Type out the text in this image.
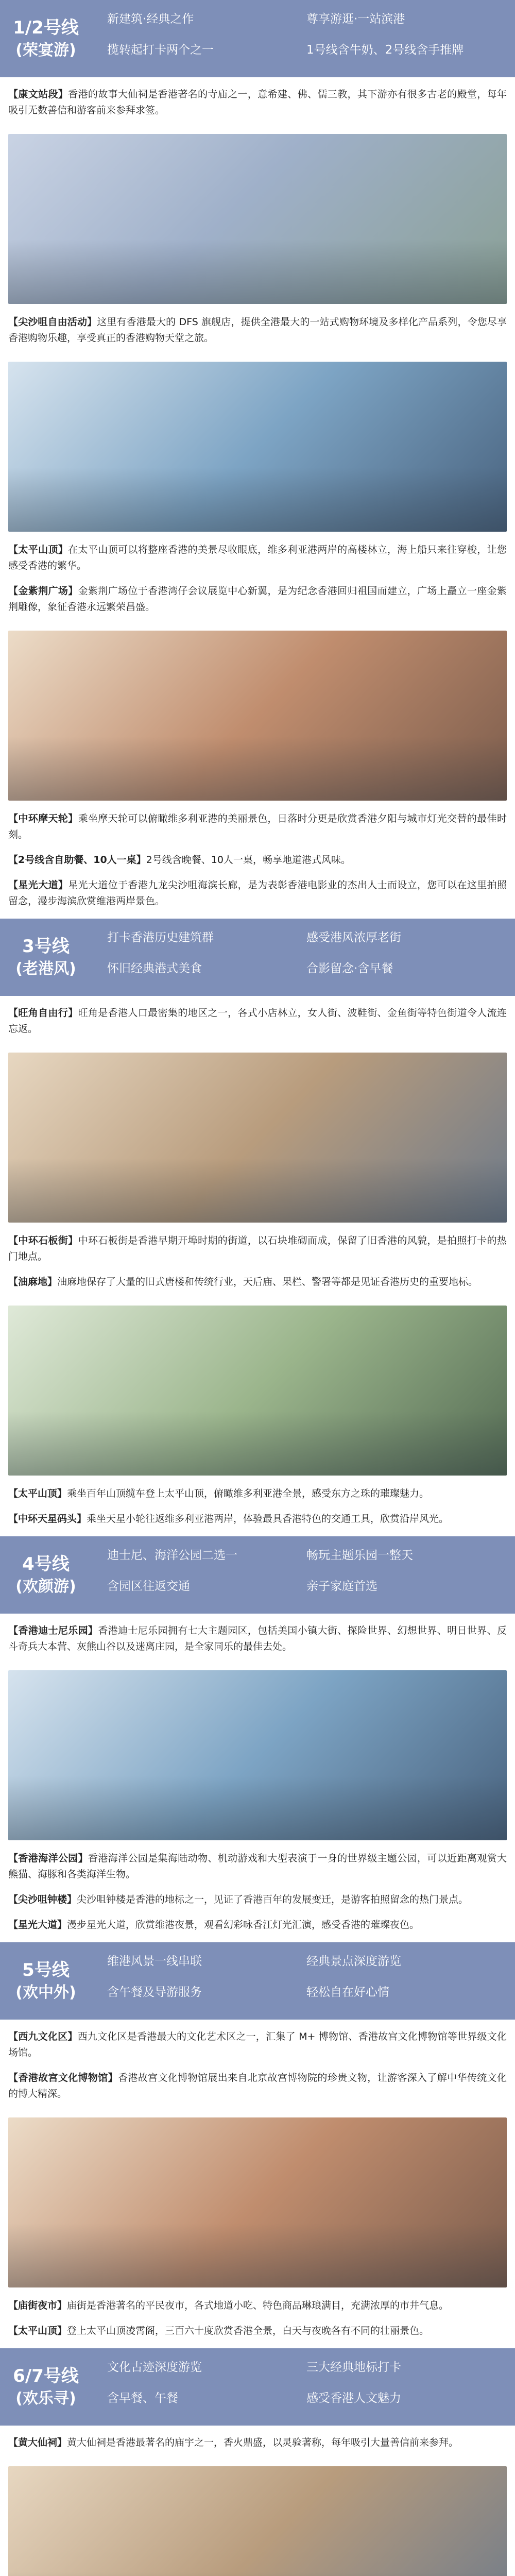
1/2号线
(荣宴游)
新建筑·经典之作	尊享游逛·一站滨港
揽转起打卡两个之一	1号线含牛奶、2号线含手推牌

【康文站段】香港的故事大仙祠是香港著名的寺庙之一，意希建、佛、儒三教，其下游亦有很多古老的殿堂，每年吸引无数善信和游客前来参拜求签。

【尖沙咀自由活动】这里有香港最大的 DFS 旗舰店，提供全港最大的一站式购物环境及多样化产品系列，令您尽享香港购物乐趣，享受真正的香港购物天堂之旅。

【太平山顶】在太平山顶可以将整座香港的美景尽收眼底，维多利亚港两岸的高楼林立，海上船只来往穿梭，让您感受香港的繁华。

【金紫荆广场】金紫荆广场位于香港湾仔会议展览中心新翼，是为纪念香港回归祖国而建立，广场上矗立一座金紫荆雕像，象征香港永远繁荣昌盛。

【中环摩天轮】乘坐摩天轮可以俯瞰维多利亚港的美丽景色，日落时分更是欣赏香港夕阳与城市灯光交替的最佳时刻。

【2号线含自助餐、10人一桌】2号线含晚餐、10人一桌，畅享地道港式风味。

【星光大道】星光大道位于香港九龙尖沙咀海滨长廊，是为表彰香港电影业的杰出人士而设立，您可以在这里拍照留念，漫步海滨欣赏维港两岸景色。

3号线
(老港风)
打卡香港历史建筑群	感受港风浓厚老街
怀旧经典港式美食	合影留念·含早餐

【旺角自由行】旺角是香港人口最密集的地区之一，各式小店林立，女人街、波鞋街、金鱼街等特色街道令人流连忘返。

【中环石板街】中环石板街是香港早期开埠时期的街道，以石块堆砌而成，保留了旧香港的风貌，是拍照打卡的热门地点。

【油麻地】油麻地保存了大量的旧式唐楼和传统行业，天后庙、果栏、警署等都是见证香港历史的重要地标。

【太平山顶】乘坐百年山顶缆车登上太平山顶，俯瞰维多利亚港全景，感受东方之珠的璀璨魅力。

【中环天星码头】乘坐天星小轮往返维多利亚港两岸，体验最具香港特色的交通工具，欣赏沿岸风光。

4号线
(欢颜游)
迪士尼、海洋公园二选一	畅玩主题乐园一整天
含园区往返交通	亲子家庭首选

【香港迪士尼乐园】香港迪士尼乐园拥有七大主题园区，包括美国小镇大街、探险世界、幻想世界、明日世界、反斗奇兵大本营、灰熊山谷以及迷离庄园，是全家同乐的最佳去处。

【香港海洋公园】香港海洋公园是集海陆动物、机动游戏和大型表演于一身的世界级主题公园，可以近距离观赏大熊猫、海豚和各类海洋生物。

【尖沙咀钟楼】尖沙咀钟楼是香港的地标之一，见证了香港百年的发展变迁，是游客拍照留念的热门景点。

【星光大道】漫步星光大道，欣赏维港夜景，观看幻彩咏香江灯光汇演，感受香港的璀璨夜色。

5号线
(欢中外)
维港风景一线串联	经典景点深度游览
含午餐及导游服务	轻松自在好心情

【西九文化区】西九文化区是香港最大的文化艺术区之一，汇集了 M+ 博物馆、香港故宫文化博物馆等世界级文化场馆。

【香港故宫文化博物馆】香港故宫文化博物馆展出来自北京故宫博物院的珍贵文物，让游客深入了解中华传统文化的博大精深。

【庙街夜市】庙街是香港著名的平民夜市，各式地道小吃、特色商品琳琅满目，充满浓厚的市井气息。

【太平山顶】登上太平山顶凌霄阁，三百六十度欣赏香港全景，白天与夜晚各有不同的壮丽景色。

6/7号线
(欢乐寻)
文化古迹深度游览	三大经典地标打卡
含早餐、午餐	感受香港人文魅力

【黄大仙祠】黄大仙祠是香港最著名的庙宇之一，香火鼎盛，以灵验著称，每年吸引大量善信前来参拜。
